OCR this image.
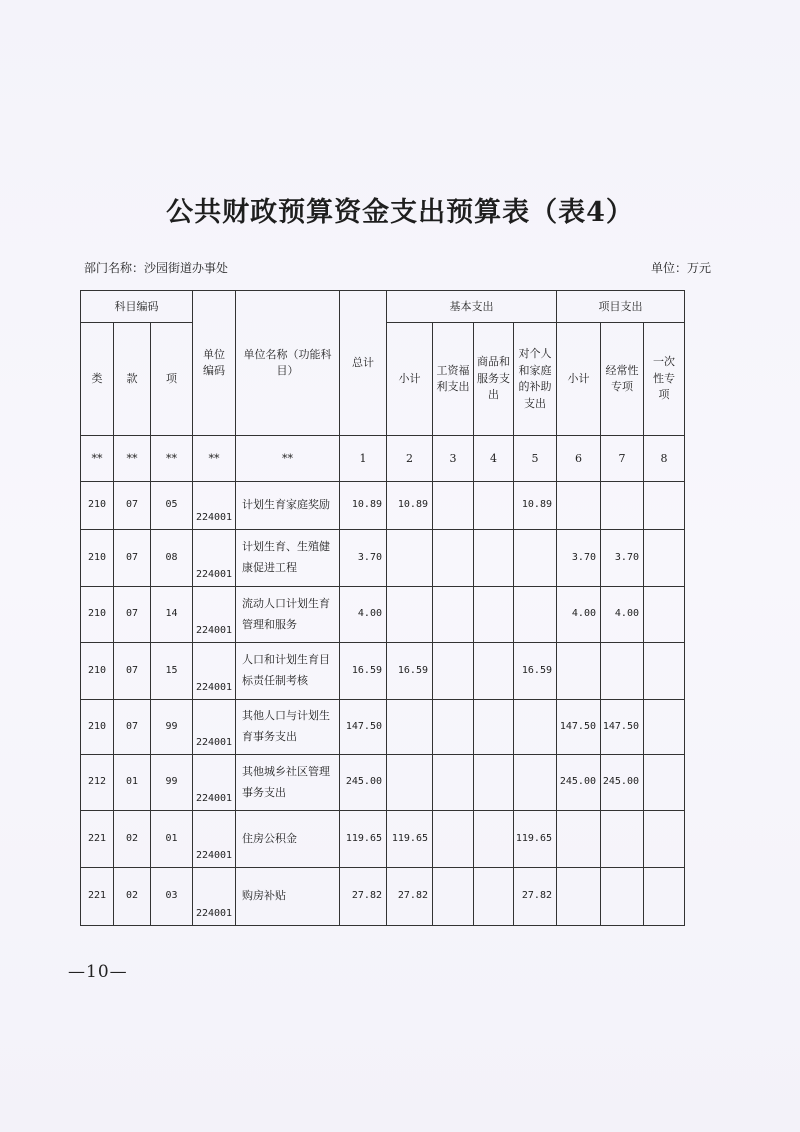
公共财政预算资金支出预算表（表4）
部门名称：沙园街道办事处	单位：万元
科目编码			单位编码	单位名称（功能科目）	总计	基本支出				项目支出		
类	款	项				小计	工资福利支出	商品和服务支出	对个人和家庭的补助支出	小计	经常性专项	一次性专项

**	**	**	**	**	1	2	3	4	5	6	7	8
210	07	05	224001	计划生育家庭奖励	10.89	10.89			10.89			
210	07	08	224001	计划生育、生殖健康促进工程	3.70					3.70	3.70	
210	07	14	224001	流动人口计划生育管理和服务	4.00					4.00	4.00	
210	07	15	224001	人口和计划生育目标责任制考核	16.59	16.59			16.59			
210	07	99	224001	其他人口与计划生育事务支出	147.50					147.50	147.50	
212	01	99	224001	其他城乡社区管理事务支出	245.00					245.00	245.00	
221	02	01	224001	住房公积金	119.65	119.65			119.65			
221	02	03	224001	购房补贴	27.82	27.82			27.82			
—10—
